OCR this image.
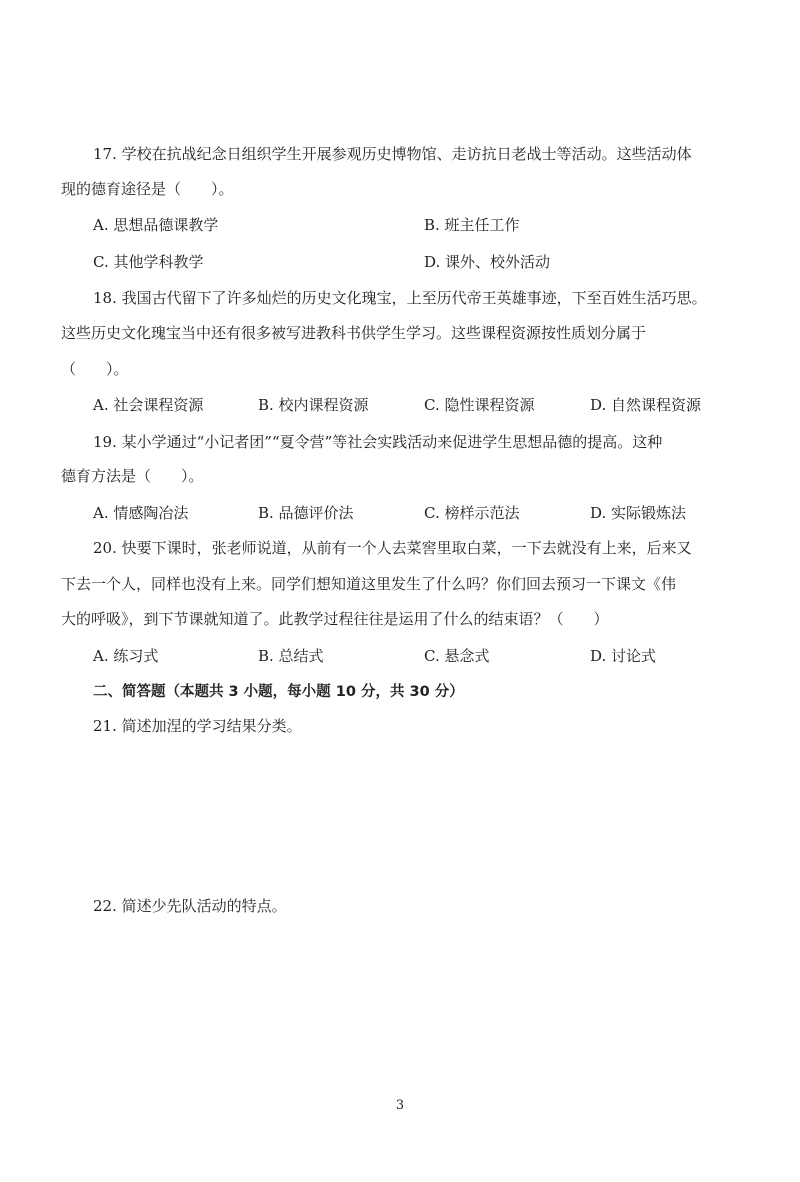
17. 学校在抗战纪念日组织学生开展参观历史博物馆、走访抗日老战士等活动。这些活动体
现的德育途径是（　　）。
A. 思想品德课教学	B. 班主任工作
C. 其他学科教学	D. 课外、校外活动
18. 我国古代留下了许多灿烂的历史文化瑰宝，上至历代帝王英雄事迹，下至百姓生活巧思。
这些历史文化瑰宝当中还有很多被写进教科书供学生学习。这些课程资源按性质划分属于
（　　）。
A. 社会课程资源	B. 校内课程资源	C. 隐性课程资源	D. 自然课程资源
19. 某小学通过“小记者团”“夏令营”等社会实践活动来促进学生思想品德的提高。这种
德育方法是（　　）。
A. 情感陶冶法	B. 品德评价法	C. 榜样示范法	D. 实际锻炼法
20. 快要下课时，张老师说道，从前有一个人去菜窖里取白菜，一下去就没有上来，后来又
下去一个人，同样也没有上来。同学们想知道这里发生了什么吗？你们回去预习一下课文《伟
大的呼吸》，到下节课就知道了。此教学过程往往是运用了什么的结束语？（　　）
A. 练习式	B. 总结式	C. 悬念式	D. 讨论式
二、简答题（本题共 3 小题，每小题 10 分，共 30 分）
21. 简述加涅的学习结果分类。
22. 简述少先队活动的特点。
3
